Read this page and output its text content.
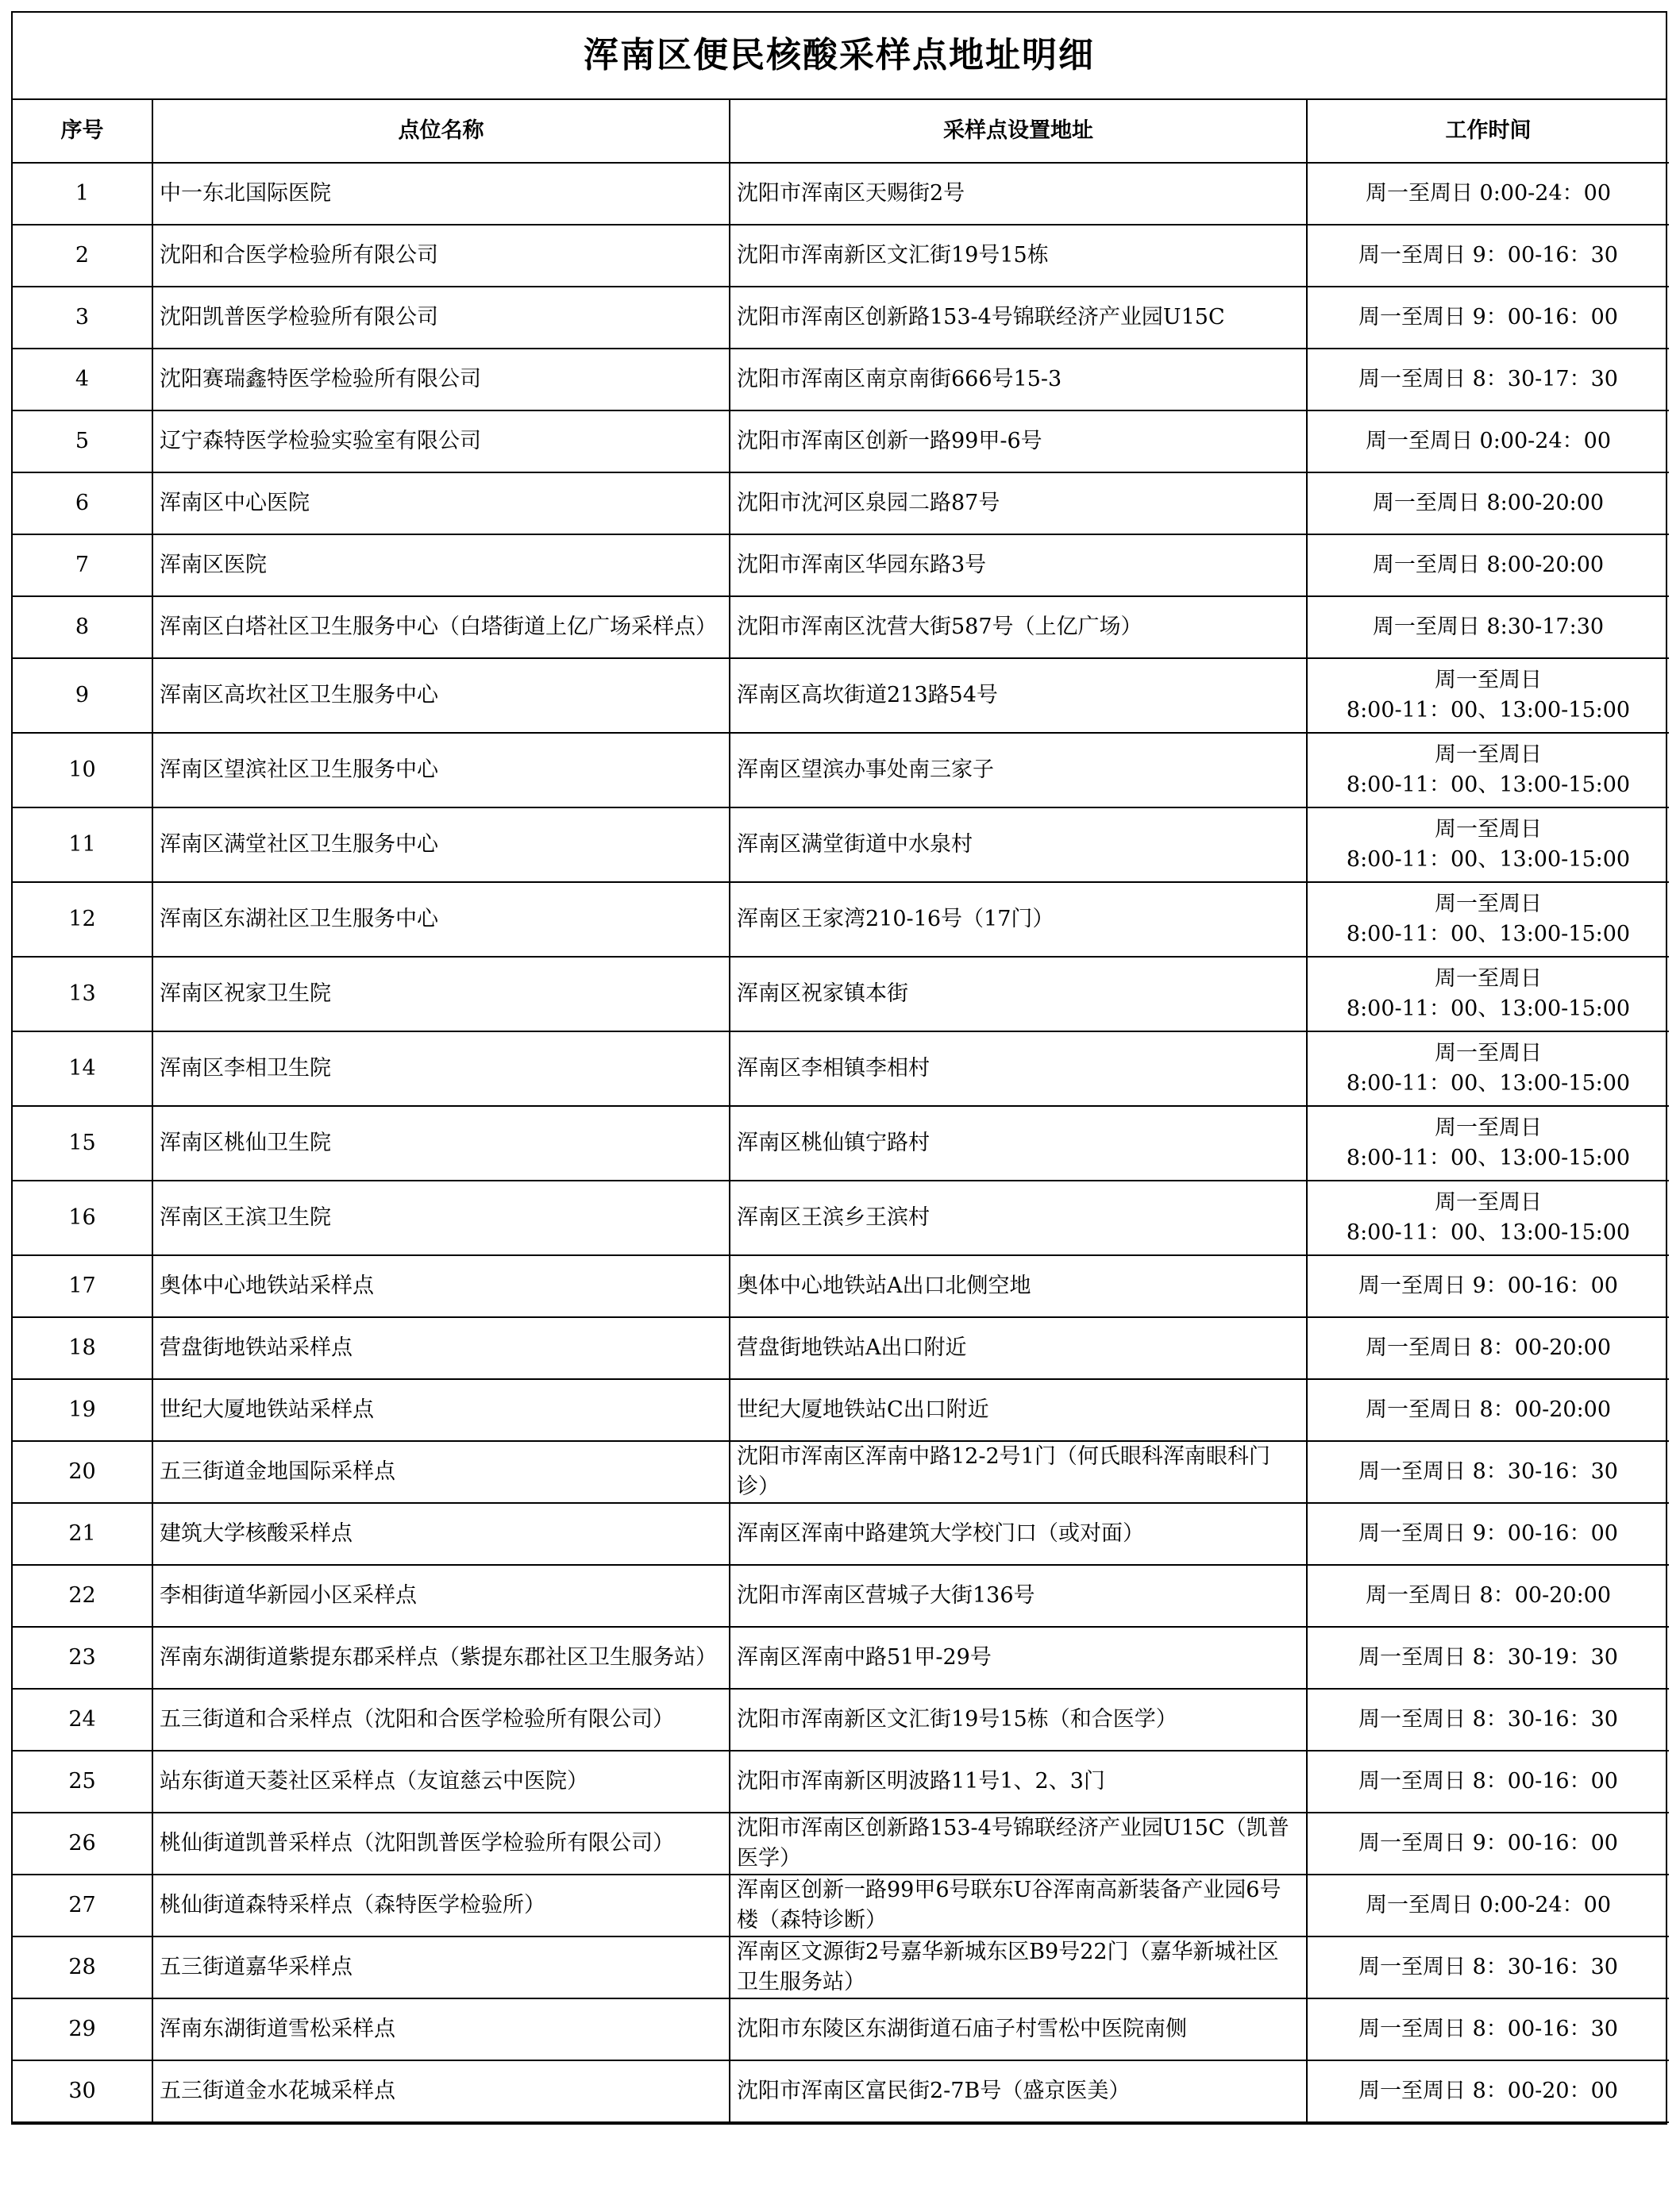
浑南区便民核酸采样点地址明细
序号	点位名称	采样点设置地址	工作时间
1	中一东北国际医院	沈阳市浑南区天赐街2号	周一至周日 0:00-24：00
2	沈阳和合医学检验所有限公司	沈阳市浑南新区文汇街19号15栋	周一至周日 9：00-16：30
3	沈阳凯普医学检验所有限公司	沈阳市浑南区创新路153-4号锦联经济产业园U15C	周一至周日 9：00-16：00
4	沈阳赛瑞鑫特医学检验所有限公司	沈阳市浑南区南京南街666号15-3	周一至周日 8：30-17：30
5	辽宁森特医学检验实验室有限公司	沈阳市浑南区创新一路99甲-6号	周一至周日 0:00-24：00
6	浑南区中心医院	沈阳市沈河区泉园二路87号	周一至周日 8:00-20:00
7	浑南区医院	沈阳市浑南区华园东路3号	周一至周日 8:00-20:00
8	浑南区白塔社区卫生服务中心（白塔街道上亿广场采样点）	沈阳市浑南区沈营大街587号（上亿广场）	周一至周日 8:30-17:30
9	浑南区高坎社区卫生服务中心	浑南区高坎街道213路54号	周一至周日
8:00-11：00、13:00-15:00
10	浑南区望滨社区卫生服务中心	浑南区望滨办事处南三家子	周一至周日
8:00-11：00、13:00-15:00
11	浑南区满堂社区卫生服务中心	浑南区满堂街道中水泉村	周一至周日
8:00-11：00、13:00-15:00
12	浑南区东湖社区卫生服务中心	浑南区王家湾210-16号（17门）	周一至周日
8:00-11：00、13:00-15:00
13	浑南区祝家卫生院	浑南区祝家镇本街	周一至周日
8:00-11：00、13:00-15:00
14	浑南区李相卫生院	浑南区李相镇李相村	周一至周日
8:00-11：00、13:00-15:00
15	浑南区桃仙卫生院	浑南区桃仙镇宁路村	周一至周日
8:00-11：00、13:00-15:00
16	浑南区王滨卫生院	浑南区王滨乡王滨村	周一至周日
8:00-11：00、13:00-15:00
17	奥体中心地铁站采样点	奥体中心地铁站A出口北侧空地	周一至周日 9：00-16：00
18	营盘街地铁站采样点	营盘街地铁站A出口附近	周一至周日 8：00-20:00
19	世纪大厦地铁站采样点	世纪大厦地铁站C出口附近	周一至周日 8：00-20:00
20	五三街道金地国际采样点	沈阳市浑南区浑南中路12-2号1门（何氏眼科浑南眼科门诊）	周一至周日 8：30-16：30
21	建筑大学核酸采样点	浑南区浑南中路建筑大学校门口（或对面）	周一至周日 9：00-16：00
22	李相街道华新园小区采样点	沈阳市浑南区营城子大街136号	周一至周日 8：00-20:00
23	浑南东湖街道紫提东郡采样点（紫提东郡社区卫生服务站）	浑南区浑南中路51甲-29号	周一至周日 8：30-19：30
24	五三街道和合采样点（沈阳和合医学检验所有限公司）	沈阳市浑南新区文汇街19号15栋（和合医学）	周一至周日 8：30-16：30
25	站东街道天菱社区采样点（友谊慈云中医院）	沈阳市浑南新区明波路11号1、2、3门	周一至周日 8：00-16：00
26	桃仙街道凯普采样点（沈阳凯普医学检验所有限公司）	沈阳市浑南区创新路153-4号锦联经济产业园U15C（凯普医学）	周一至周日 9：00-16：00
27	桃仙街道森特采样点（森特医学检验所）	浑南区创新一路99甲6号联东U谷浑南高新装备产业园6号楼（森特诊断）	周一至周日 0:00-24：00
28	五三街道嘉华采样点	浑南区文源街2号嘉华新城东区B9号22门（嘉华新城社区卫生服务站）	周一至周日 8：30-16：30
29	浑南东湖街道雪松采样点	沈阳市东陵区东湖街道石庙子村雪松中医院南侧	周一至周日 8：00-16：30
30	五三街道金水花城采样点	沈阳市浑南区富民街2-7B号（盛京医美）	周一至周日 8：00-20：00
